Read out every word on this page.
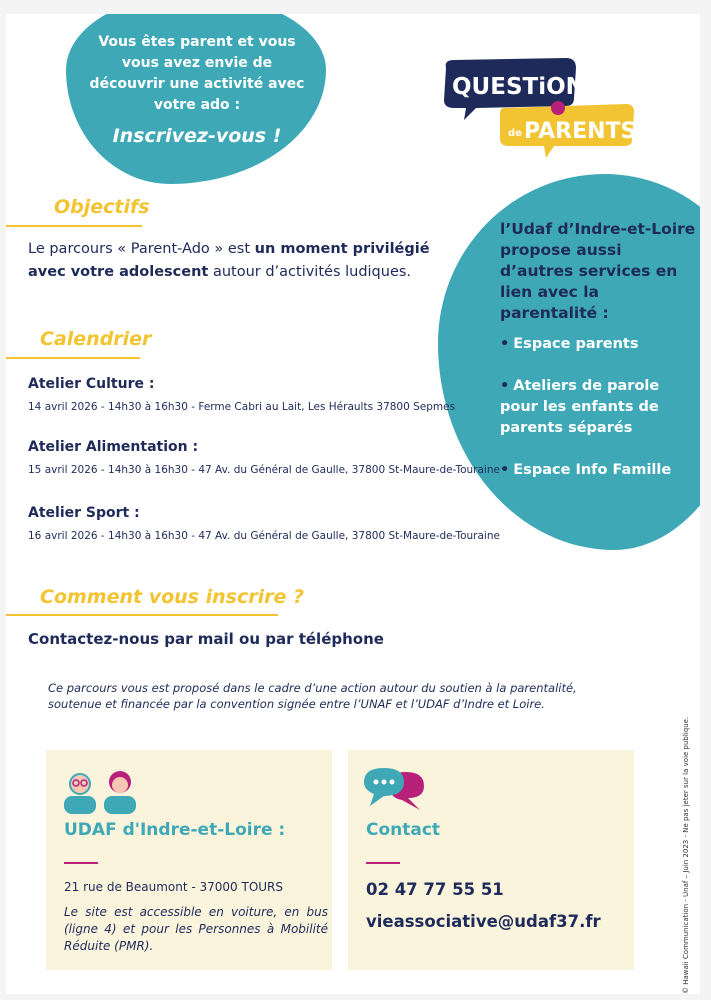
Vous êtes parent et vous vous avez envie de découvrir une activité avec votre ado :
Inscrivez-vous !
QUESTiONS
de PARENTS
l’Udaf d’Indre-et-Loire propose aussi d’autres services en lien avec la parentalité :
• Espace parents
• Ateliers de parole pour les enfants de parents séparés
• Espace Info Famille
Objectifs
Le parcours « Parent-Ado » est un moment privilégié avec votre adolescent autour d’activités ludiques.
Calendrier
Atelier Culture :
14 avril 2026 - 14h30 à 16h30 - Ferme Cabri au Lait, Les Héraults 37800 Sepmes
Atelier Alimentation :
15 avril 2026 - 14h30 à 16h30 - 47 Av. du Général de Gaulle, 37800 St-Maure-de-Touraine
Atelier Sport :
16 avril 2026 - 14h30 à 16h30 - 47 Av. du Général de Gaulle, 37800 St-Maure-de-Touraine
Comment vous inscrire ?
Contactez-nous par mail ou par téléphone
Ce parcours vous est proposé dans le cadre d’une action autour du soutien à la parentalité, soutenue et financée par la convention signée entre l’UNAF et l’UDAF d’Indre et Loire.
UDAF d'Indre-et-Loire :
21 rue de Beaumont - 37000 TOURS
Le site est accessible en voiture, en bus (ligne 4) et pour les Personnes à Mobilité Réduite (PMR).
Contact
02 47 77 55 51
vieassociative@udaf37.fr	© Hawaii Communication - Unaf – Juin 2023 - Ne pas jeter sur la voie publique.
